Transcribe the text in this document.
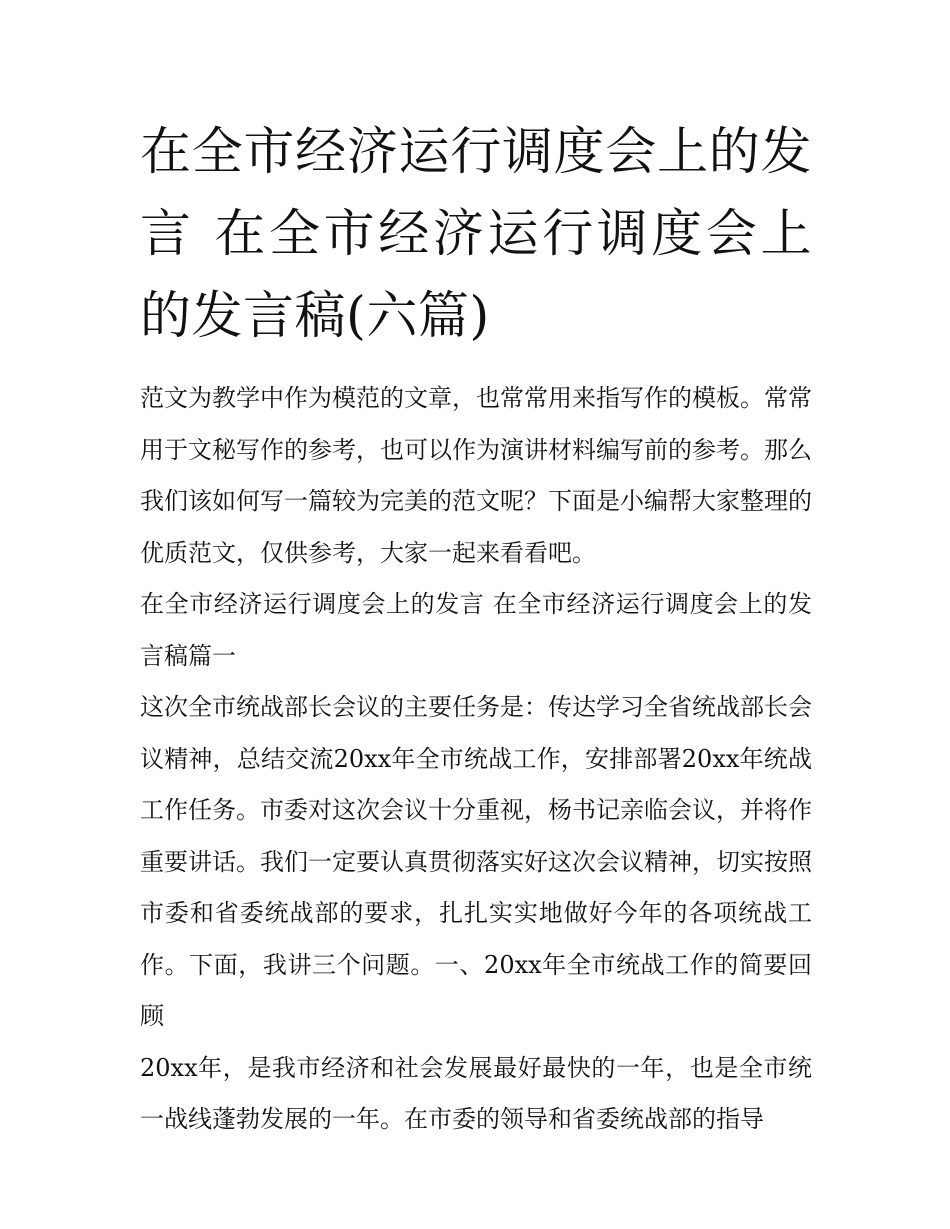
在全市经济运行调度会上的发言 在全市经济运行调度会上的发言稿(六篇)

范文为教学中作为模范的文章，也常常用来指写作的模板。常常用于文秘写作的参考，也可以作为演讲材料编写前的参考。那么我们该如何写一篇较为完美的范文呢？下面是小编帮大家整理的优质范文，仅供参考，大家一起来看看吧。

在全市经济运行调度会上的发言 在全市经济运行调度会上的发言稿篇一

这次全市统战部长会议的主要任务是：传达学习全省统战部长会议精神，总结交流20xx年全市统战工作，安排部署20xx年统战工作任务。市委对这次会议十分重视，杨书记亲临会议，并将作重要讲话。我们一定要认真贯彻落实好这次会议精神，切实按照市委和省委统战部的要求，扎扎实实地做好今年的各项统战工作。下面，我讲三个问题。一、20xx年全市统战工作的简要回顾

20xx年，是我市经济和社会发展最好最快的一年，也是全市统一战线蓬勃发展的一年。在市委的领导和省委统战部的指导
